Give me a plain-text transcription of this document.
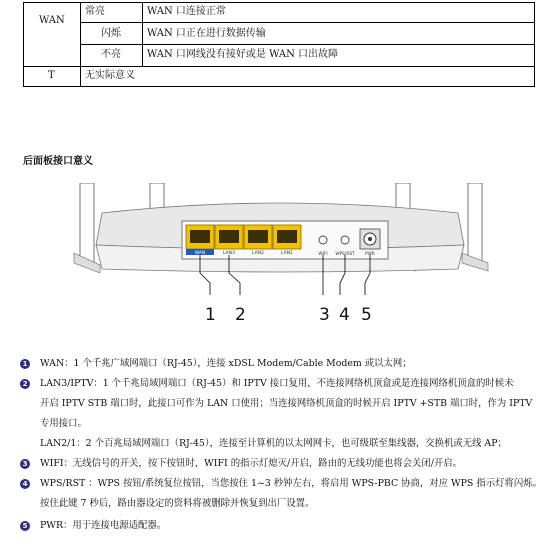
WAN
常亮	WAN 口连接正常
闪烁	WAN 口正在进行数据传输
不亮	WAN 口网线没有接好或是 WAN 口出故障
T	无实际意义
后面板接口意义
WAN	LAN3	LAN2	LAN1	WIFI WPS/RST PWR
1 2	3 4 5
1 WAN：1 个千兆广域网端口（RJ-45），连接 xDSL Modem/Cable Modem 或以太网；
2 LAN3/IPTV：1 个千兆局域网端口（RJ-45）和 IPTV 接口复用，不连接网络机顶盒或是连接网络机顶盒的时候未
开启 IPTV STB 端口时，此接口可作为 LAN 口使用；当连接网络机顶盒的时候开启 IPTV +STB 端口时，作为 IPTV
专用接口。
LAN2/1：2 个百兆局域网端口（RJ-45），连接至计算机的以太网网卡，也可级联至集线器，交换机或无线 AP；
3 WIFI：无线信号的开关，按下按钮时，WIFI 的指示灯熄灭/开启，路由的无线功能也将会关闭/开启。
4 WPS/RST ：WPS 按钮/系统复位按钮，当您按住 1~3 秒钟左右，将启用 WPS-PBC 协商，对应 WPS 指示灯将闪烁。
按住此键 7 秒后，路由器设定的资料将被删除并恢复到出厂设置。
5 PWR：用于连接电源适配器。
